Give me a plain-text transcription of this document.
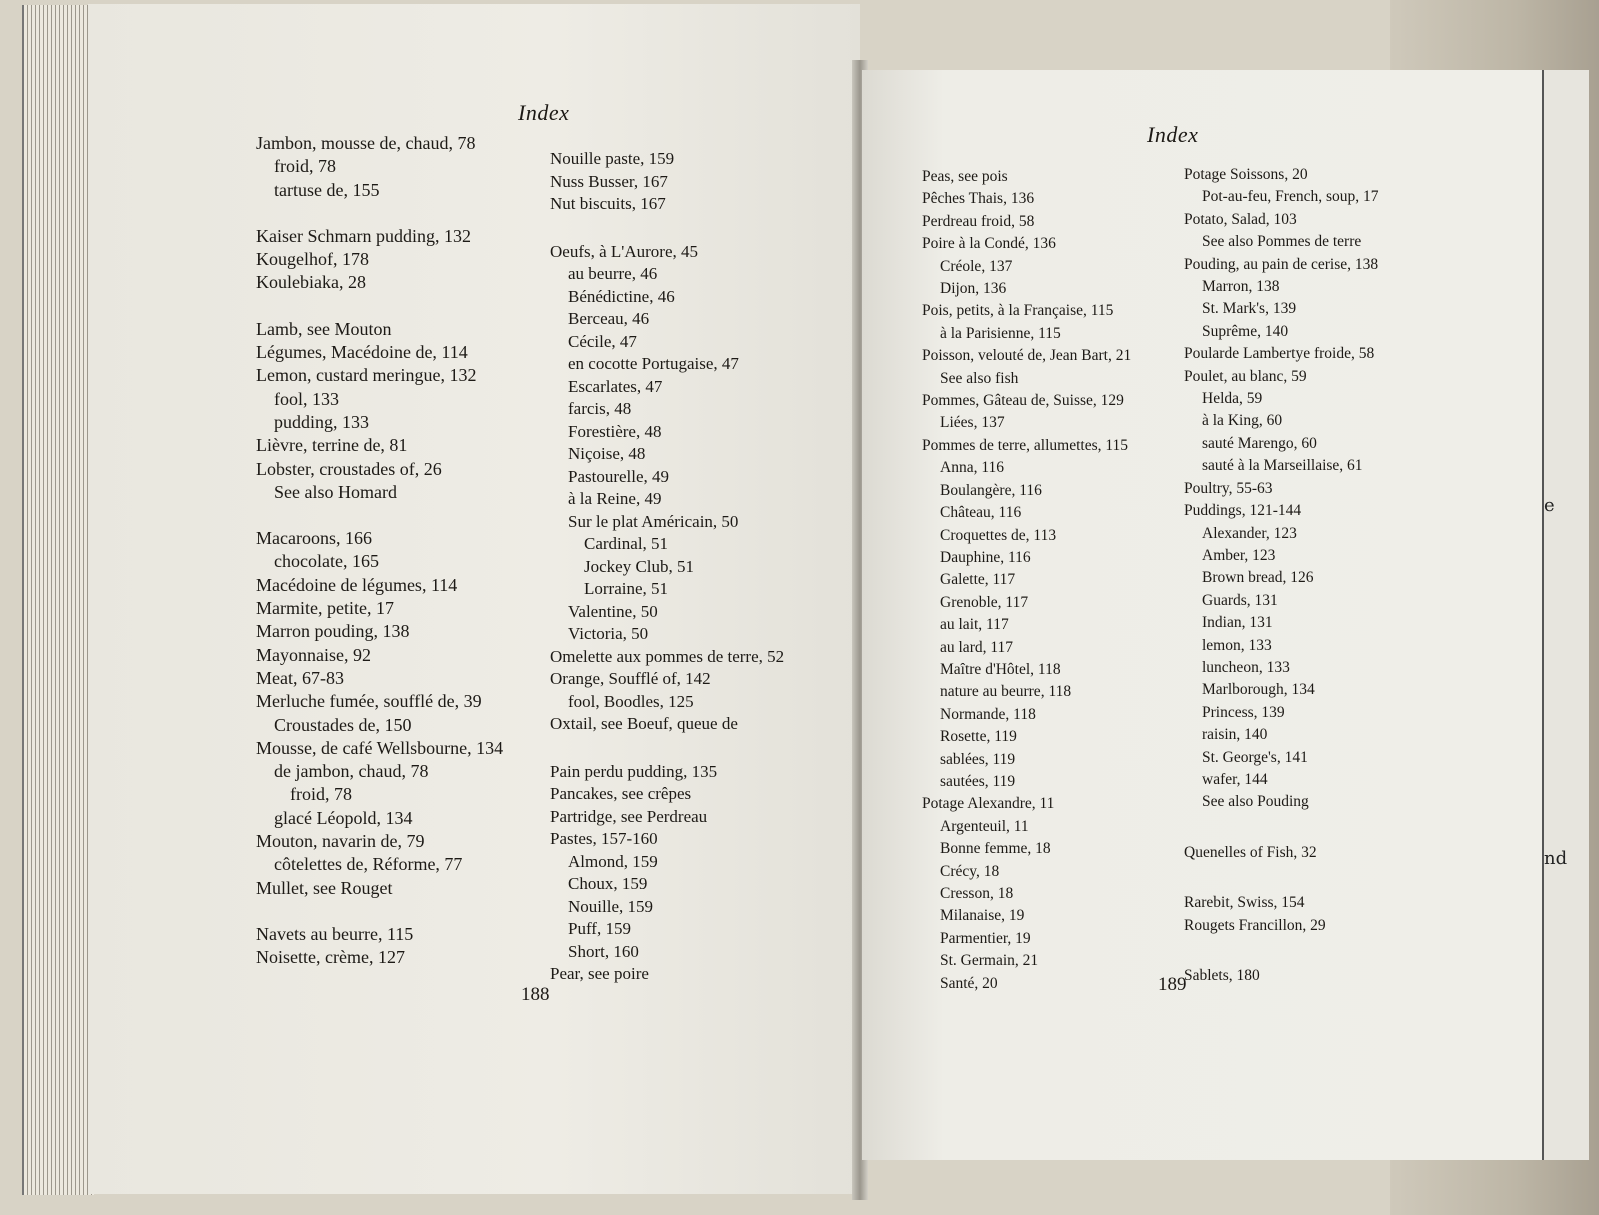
Index
Jambon, mousse de, chaud, 78
froid, 78
tartuse de, 155
Kaiser Schmarn pudding, 132
Kougelhof, 178
Koulebiaka, 28
Lamb, see Mouton
Légumes, Macédoine de, 114
Lemon, custard meringue, 132
fool, 133
pudding, 133
Lièvre, terrine de, 81
Lobster, croustades of, 26
See also Homard
Macaroons, 166
chocolate, 165
Macédoine de légumes, 114
Marmite, petite, 17
Marron pouding, 138
Mayonnaise, 92
Meat, 67-83
Merluche fumée, soufflé de, 39
Croustades de, 150
Mousse, de café Wellsbourne, 134
de jambon, chaud, 78
froid, 78
glacé Léopold, 134
Mouton, navarin de, 79
côtelettes de, Réforme, 77
Mullet, see Rouget
Navets au beurre, 115
Noisette, crème, 127
Nouille paste, 159
Nuss Busser, 167
Nut biscuits, 167
Oeufs, à L'Aurore, 45
au beurre, 46
Bénédictine, 46
Berceau, 46
Cécile, 47
en cocotte Portugaise, 47
Escarlates, 47
farcis, 48
Forestière, 48
Niçoise, 48
Pastourelle, 49
à la Reine, 49
Sur le plat Américain, 50
Cardinal, 51
Jockey Club, 51
Lorraine, 51
Valentine, 50
Victoria, 50
Omelette aux pommes de terre, 52
Orange, Soufflé of, 142
fool, Boodles, 125
Oxtail, see Boeuf, queue de
Pain perdu pudding, 135
Pancakes, see crêpes
Partridge, see Perdreau
Pastes, 157-160
Almond, 159
Choux, 159
Nouille, 159
Puff, 159
Short, 160
Pear, see poire
188
Index
Peas, see pois
Pêches Thais, 136
Perdreau froid, 58
Poire à la Condé, 136
Créole, 137
Dijon, 136
Pois, petits, à la Française, 115
à la Parisienne, 115
Poisson, velouté de, Jean Bart, 21
See also fish
Pommes, Gâteau de, Suisse, 129
Liées, 137
Pommes de terre, allumettes, 115
Anna, 116
Boulangère, 116
Château, 116
Croquettes de, 113
Dauphine, 116
Galette, 117
Grenoble, 117
au lait, 117
au lard, 117
Maître d'Hôtel, 118
nature au beurre, 118
Normande, 118
Rosette, 119
sablées, 119
sautées, 119
Potage Alexandre, 11
Argenteuil, 11
Bonne femme, 18
Crécy, 18
Cresson, 18
Milanaise, 19
Parmentier, 19
St. Germain, 21
Santé, 20
Potage Soissons, 20
Pot-au-feu, French, soup, 17
Potato, Salad, 103
See also Pommes de terre
Pouding, au pain de cerise, 138
Marron, 138
St. Mark's, 139
Suprême, 140
Poularde Lambertye froide, 58
Poulet, au blanc, 59
Helda, 59
à la King, 60
sauté Marengo, 60
sauté à la Marseillaise, 61
Poultry, 55-63
Puddings, 121-144
Alexander, 123
Amber, 123
Brown bread, 126
Guards, 131
Indian, 131
lemon, 133
luncheon, 133
Marlborough, 134
Princess, 139
raisin, 140
St. George's, 141
wafer, 144
See also Pouding
Quenelles of Fish, 32
Rarebit, Swiss, 154
Rougets Francillon, 29
Sablets, 180
189
e
nd
